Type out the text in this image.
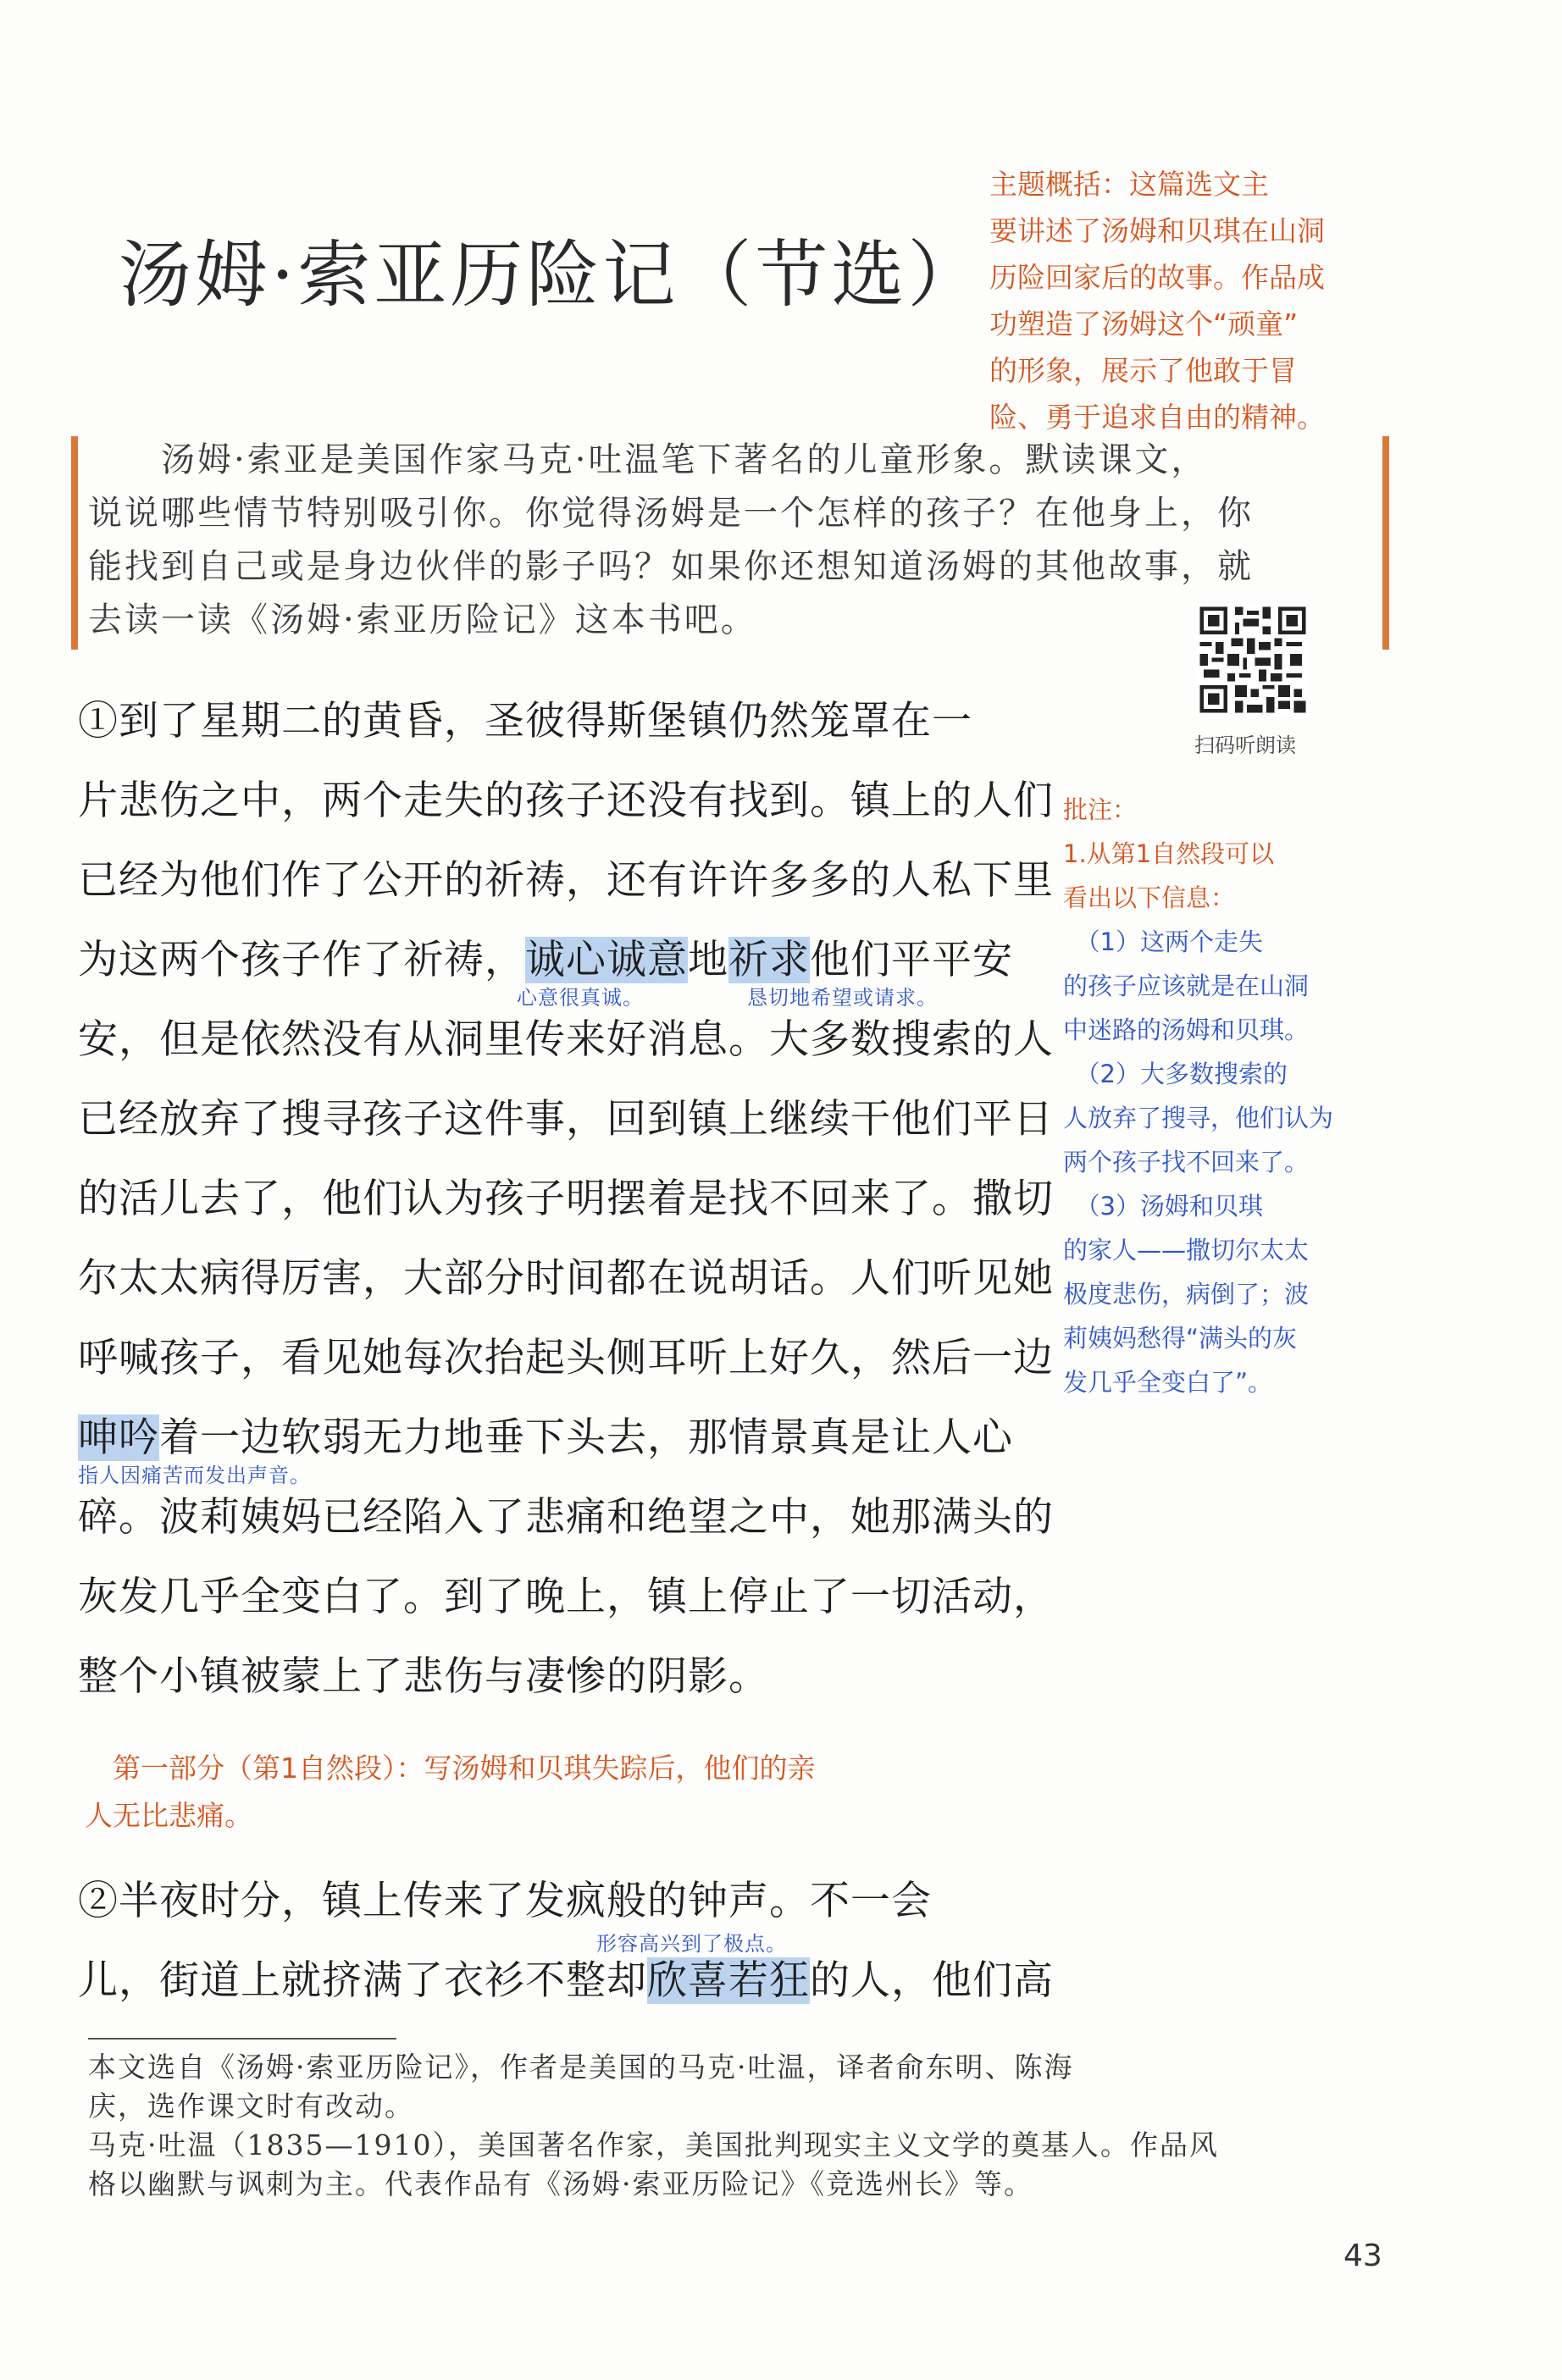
汤姆·索亚历险记（节选）
主题概括：这篇选文主
要讲述了汤姆和贝琪在山洞
历险回家后的故事。作品成
功塑造了汤姆这个“顽童”
的形象，展示了他敢于冒
险、勇于追求自由的精神。
　　汤姆·索亚是美国作家马克·吐温笔下著名的儿童形象。默读课文，
说说哪些情节特别吸引你。你觉得汤姆是一个怎样的孩子？在他身上，你
能找到自己或是身边伙伴的影子吗？如果你还想知道汤姆的其他故事，就
去读一读《汤姆·索亚历险记》这本书吧。
扫码听朗读
①到了星期二的黄昏，圣彼得斯堡镇仍然笼罩在一
片悲伤之中，两个走失的孩子还没有找到。镇上的人们
已经为他们作了公开的祈祷，还有许许多多的人私下里
为这两个孩子作了祈祷，诚心诚意地祈求他们平平安
心意很真诚。	恳切地希望或请求。
安，但是依然没有从洞里传来好消息。大多数搜索的人
已经放弃了搜寻孩子这件事，回到镇上继续干他们平日
的活儿去了，他们认为孩子明摆着是找不回来了。撒切
尔太太病得厉害，大部分时间都在说胡话。人们听见她
呼喊孩子，看见她每次抬起头侧耳听上好久，然后一边
呻吟着一边软弱无力地垂下头去，那情景真是让人心
指人因痛苦而发出声音。
碎。波莉姨妈已经陷入了悲痛和绝望之中，她那满头的
灰发几乎全变白了。到了晚上，镇上停止了一切活动，
整个小镇被蒙上了悲伤与凄惨的阴影。
批注：
1.从第1自然段可以
看出以下信息：
　（1）这两个走失
的孩子应该就是在山洞
中迷路的汤姆和贝琪。
　（2）大多数搜索的
人放弃了搜寻，他们认为
两个孩子找不回来了。
　（3）汤姆和贝琪
的家人——撒切尔太太
极度悲伤，病倒了；波
莉姨妈愁得“满头的灰
发几乎全变白了”。
　第一部分（第1自然段）：写汤姆和贝琪失踪后，他们的亲
人无比悲痛。
②半夜时分，镇上传来了发疯般的钟声。不一会
形容高兴到了极点。
儿，街道上就挤满了衣衫不整却欣喜若狂的人，他们高
本文选自《汤姆·索亚历险记》，作者是美国的马克·吐温，译者俞东明、陈海
庆，选作课文时有改动。
马克·吐温（1835—1910），美国著名作家，美国批判现实主义文学的奠基人。作品风
格以幽默与讽刺为主。代表作品有《汤姆·索亚历险记》《竞选州长》等。
43
